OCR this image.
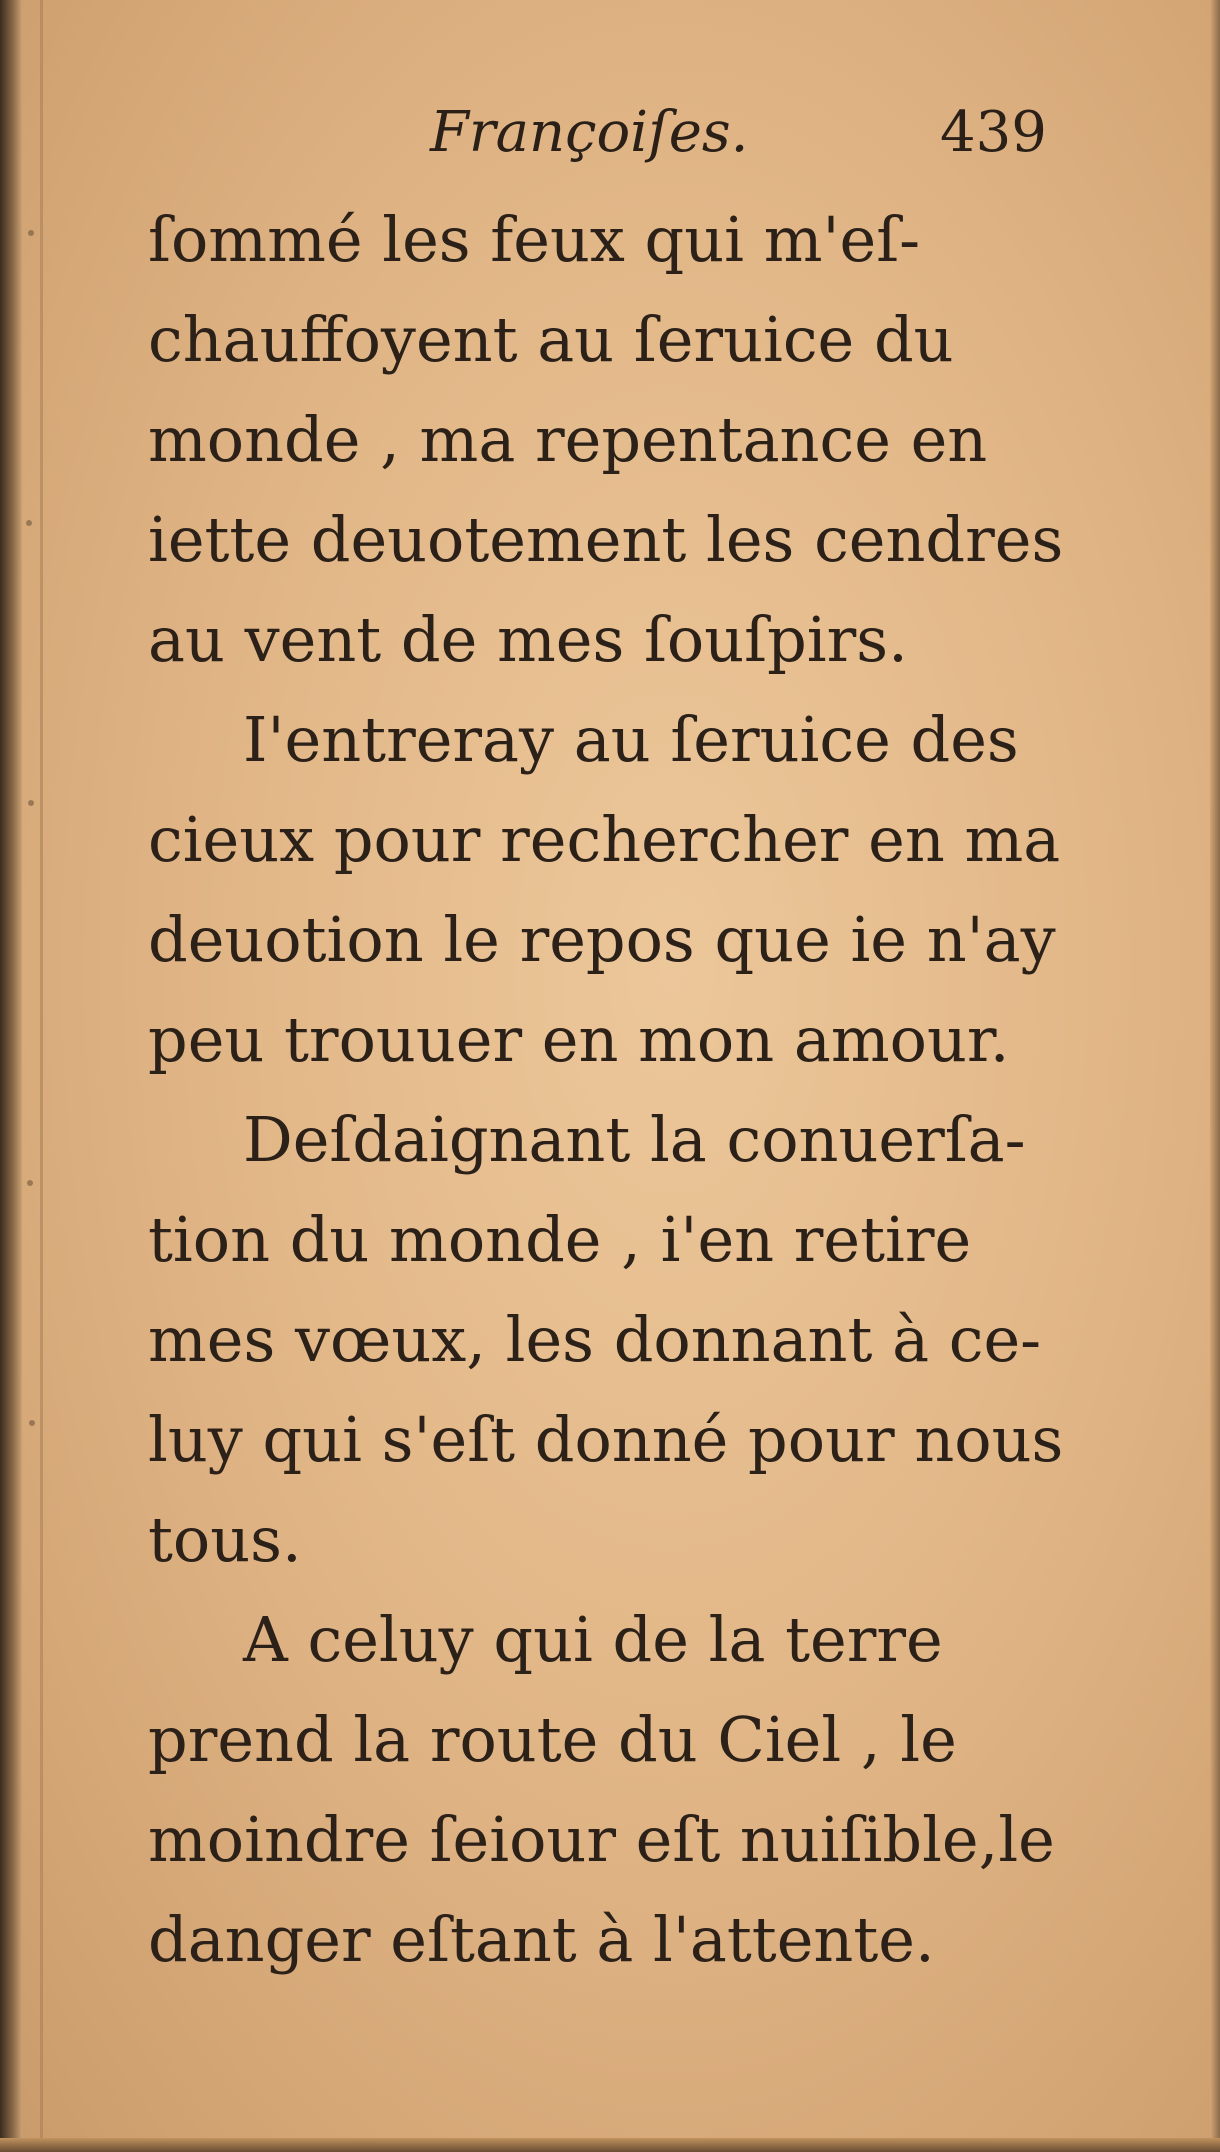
Françoiſes.	439
ſommé les feux qui m'eſ-
chauffoyent au ſeruice du
monde , ma repentance en
iette deuotement les cendres
au vent de mes ſouſpirs.
I'entreray au ſeruice des
cieux pour rechercher en ma
deuotion le repos que ie n'ay
peu trouuer en mon amour.
Deſdaignant la conuerſa-
tion du monde , i'en retire
mes vœux, les donnant à ce-
luy qui s'eſt donné pour nous
tous.
A celuy qui de la terre
prend la route du Ciel , le
moindre ſeiour eſt nuiſible,le
danger eſtant à l'attente.
